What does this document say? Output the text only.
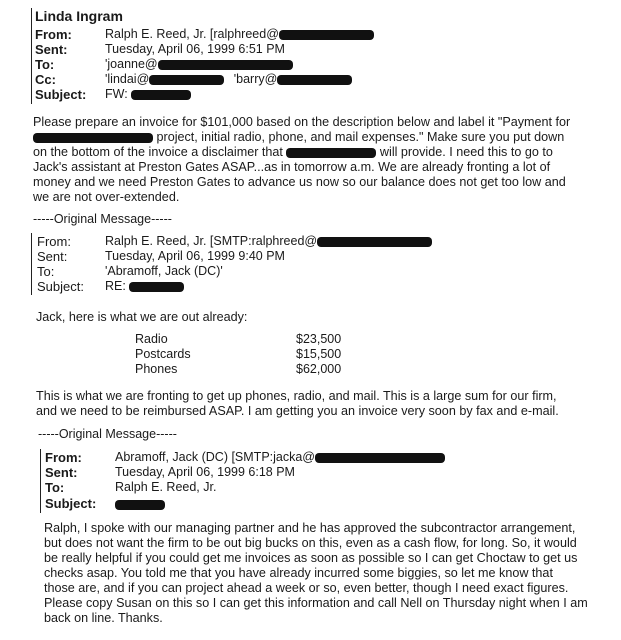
Linda Ingram
From:	Ralph E. Reed, Jr. [ralphreed@
Sent:	Tuesday, April 06, 1999 6:51 PM
To:	'joanne@
Cc:	'lindai@	'barry@
Subject: FW:
Please prepare an invoice for $101,000 based on the description below and label it "Payment for
project, initial radio, phone, and mail expenses." Make sure you put down
on the bottom of the invoice a disclaimer that	will provide. I need this to go to
Jack's assistant at Preston Gates ASAP...as in tomorrow a.m. We are already fronting a lot of
money and we need Preston Gates to advance us now so our balance does not get too low and
we are not over-extended.
-----Original Message-----
From:	Ralph E. Reed, Jr. [SMTP:ralphreed@
Sent:	Tuesday, April 06, 1999 9:40 PM
To:	'Abramoff, Jack (DC)'
Subject: RE:
Jack, here is what we are out already:
Radio	$23,500
Postcards	$15,500
Phones	$62,000
This is what we are fronting to get up phones, radio, and mail. This is a large sum for our firm,
and we need to be reimbursed ASAP. I am getting you an invoice very soon by fax and e-mail.
-----Original Message-----
From:	Abramoff, Jack (DC) [SMTP:jacka@
Sent:	Tuesday, April 06, 1999 6:18 PM
To:	Ralph E. Reed, Jr.
Subject:
Ralph, I spoke with our managing partner and he has approved the subcontractor arrangement,
but does not want the firm to be out big bucks on this, even as a cash flow, for long. So, it would
be really helpful if you could get me invoices as soon as possible so I can get Choctaw to get us
checks asap. You told me that you have already incurred some biggies, so let me know that
those are, and if you can project ahead a week or so, even better, though I need exact figures.
Please copy Susan on this so I can get this information and call Nell on Thursday night when I am
back on line. Thanks.
